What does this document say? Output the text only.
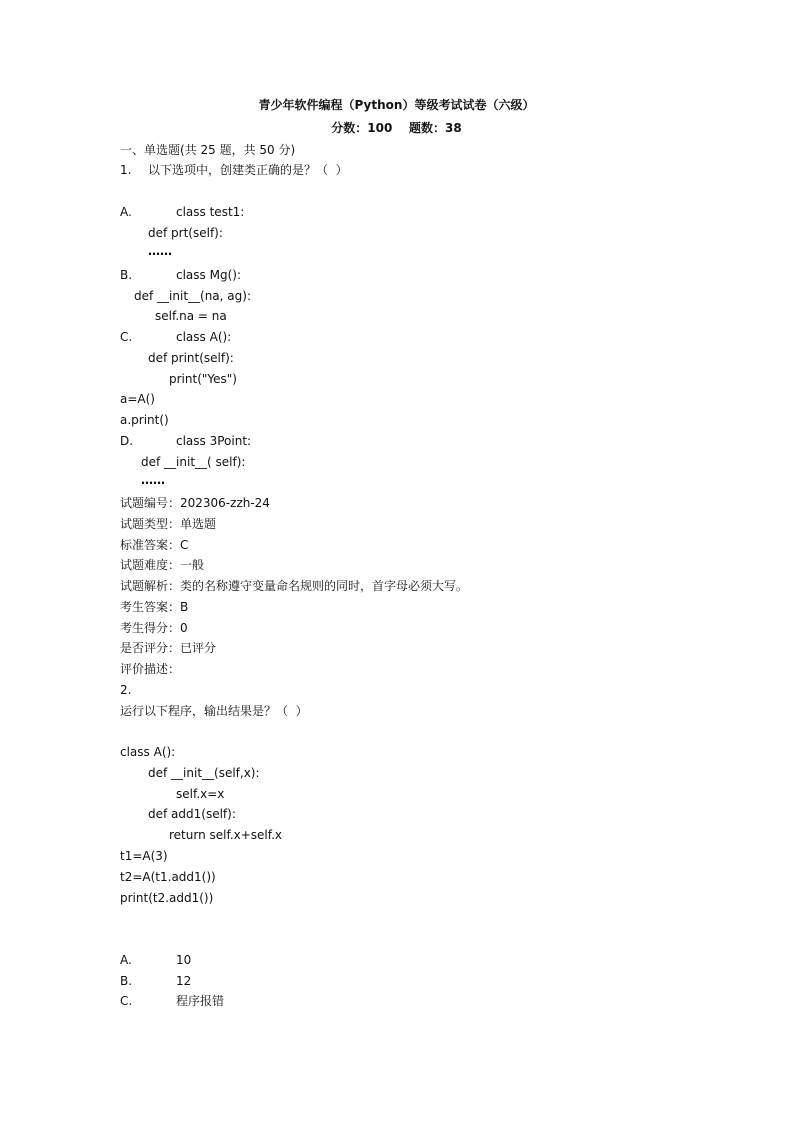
青少年软件编程（Python）等级考试试卷（六级）
分数：100    题数：38
一、单选题(共 25 题，共 50 分)
1. 以下选项中，创建类正确的是？（  ）
A.	class test1:
def prt(self):
……
B.	class Mg():
def __init__(na, ag):
self.na = na
C.	class A():
def print(self):
print("Yes")
a=A()
a.print()
D.	class 3Point:
def __init__( self):
……
试题编号：202306-zzh-24
试题类型：单选题
标准答案：C
试题难度：一般
试题解析：类的名称遵守变量命名规则的同时，首字母必须大写。
考生答案：B
考生得分：0
是否评分：已评分
评价描述：
2.
运行以下程序，输出结果是？（  ）
class A():
def __init__(self,x):
self.x=x
def add1(self):
return self.x+self.x
t1=A(3)
t2=A(t1.add1())
print(t2.add1())
A.	10
B.	12
C.	程序报错
